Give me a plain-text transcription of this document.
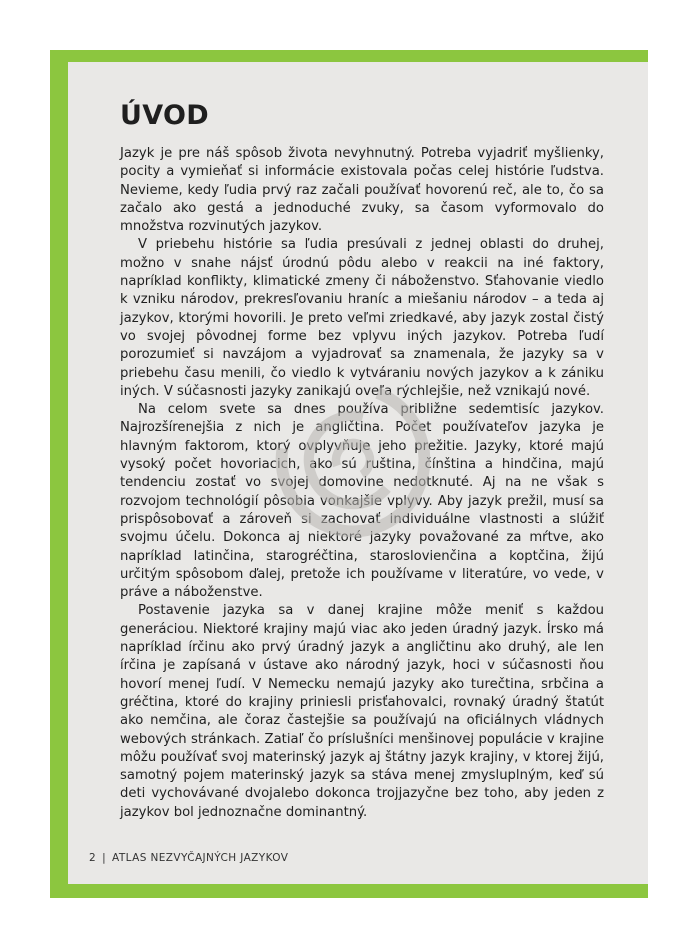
ÚVOD

Jazyk je pre náš spôsob života nevyhnutný. Potreba vyjadriť myšlienky, pocity a vymieňať si informácie existovala počas celej histórie ľudstva. Nevieme, kedy ľudia prvý raz začali používať hovorenú reč, ale to, čo sa začalo ako gestá a jednoduché zvuky, sa časom vyformovalo do množstva rozvinutých jazykov.

V priebehu histórie sa ľudia presúvali z jednej oblasti do druhej, možno v snahe nájsť úrodnú pôdu alebo v reakcii na iné faktory, napríklad konflikty, klimatické zmeny či náboženstvo. Sťahovanie viedlo k vzniku národov, prekresľovaniu hraníc a miešaniu národov – a teda aj jazykov, ktorými hovorili. Je preto veľmi zriedkavé, aby jazyk zostal čistý vo svojej pôvodnej forme bez vplyvu iných jazykov. Potreba ľudí porozumieť si navzájom a vyjadrovať sa znamenala, že jazyky sa v priebehu času menili, čo viedlo k vytváraniu nových jazykov a k zániku iných. V súčasnosti jazyky zanikajú oveľa rýchlejšie, než vznikajú nové.

Na celom svete sa dnes používa približne sedemtisíc jazykov. Najrozšírenejšia z nich je angličtina. Počet používateľov jazyka je hlavným faktorom, ktorý ovplyvňuje jeho prežitie. Jazyky, ktoré majú vysoký počet hovoriacich, ako sú ruština, čínština a hindčina, majú tendenciu zostať vo svojej domovine nedotknuté. Aj na ne však s rozvojom technológií pôsobia vonkajšie vplyvy. Aby jazyk prežil, musí sa prispôsobovať a zároveň si zachovať individuálne vlastnosti a slúžiť svojmu účelu. Dokonca aj niektoré jazyky považované za mŕtve, ako napríklad latinčina, starogréčtina, staroslovienčina a koptčina, žijú určitým spôsobom ďalej, pretože ich používame v literatúre, vo vede, v práve a náboženstve.

Postavenie jazyka sa v danej krajine môže meniť s každou generáciou. Niektoré krajiny majú viac ako jeden úradný jazyk. Írsko má napríklad írčinu ako prvý úradný jazyk a angličtinu ako druhý, ale len írčina je zapísaná v ústave ako národný jazyk, hoci v súčasnosti ňou hovorí menej ľudí. V Nemecku nemajú jazyky ako turečtina, srbčina a gréčtina, ktoré do krajiny priniesli prisťahovalci, rovnaký úradný štatút ako nemčina, ale čoraz častejšie sa používajú na oficiálnych vládnych webových stránkach. Zatiaľ čo príslušníci menšinovej populácie v krajine môžu používať svoj materinský jazyk aj štátny jazyk krajiny, v ktorej žijú, samotný pojem materinský jazyk sa stáva menej zmysluplným, keď sú deti vychovávané dvojalebo dokonca trojjazyčne bez toho, aby jeden z jazykov bol jednoznačne dominantný.

2 | ATLAS NEZVYČAJNÝCH JAZYKOV
